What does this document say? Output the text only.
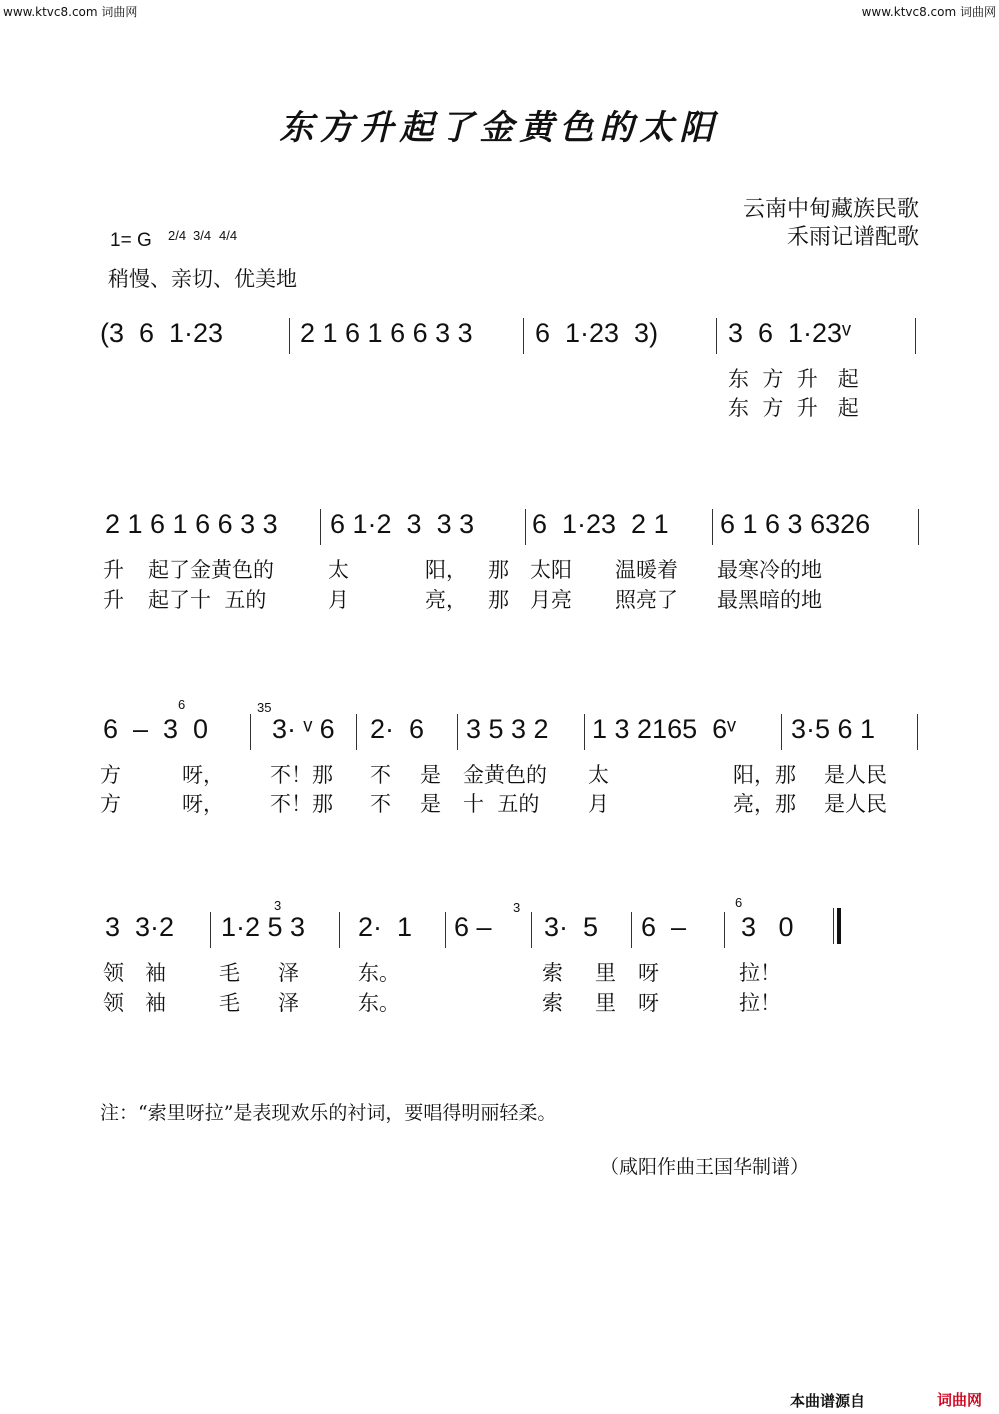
www.ktvc8.com 词曲网	www.ktvc8.com 词曲网
东方升起了金黄色的太阳
云南中甸藏族民歌
禾雨记谱配歌
1= G 2/4 3/4 4/4
稍慢、亲切、优美地
(3  6  1·23	2 1 6 1 6 6 3 3 6  1·23  3)	3  6  1·23ᵛ
东  方  升   起
东  方  升   起
2 1 6 1 6 6 3 3 6 1·2  3  3 3 6  1·23  2 1 6 1 6 3 6326
升 起了金黄色的	太	阳， 那 太阳 温暖着 最寒冷的地
升 起了十  五的	月	亮， 那 月亮 照亮了 最黑暗的地
6	35
6  –  3  0 3· ᵛ 6 2·  6 3 5 3 2 1 3 2165  6ᵛ 3·5 6 1
方	呀， 不！那 不 是 金黄色的 太	阳，那 是人民
方	呀， 不！那 不 是 十  五的 月	亮，那 是人民
3	3	6
3  3·2 1·2 5 3 2·  1 6 – 3·  5 6  – 3   0
领 袖	毛 泽	东。	索 里 呀	拉！
领 袖	毛 泽	东。	索 里 呀	拉！
注：“索里呀拉”是表现欢乐的衬词，要唱得明丽轻柔。
（咸阳作曲王国华制谱）
本曲谱源自	词曲网
